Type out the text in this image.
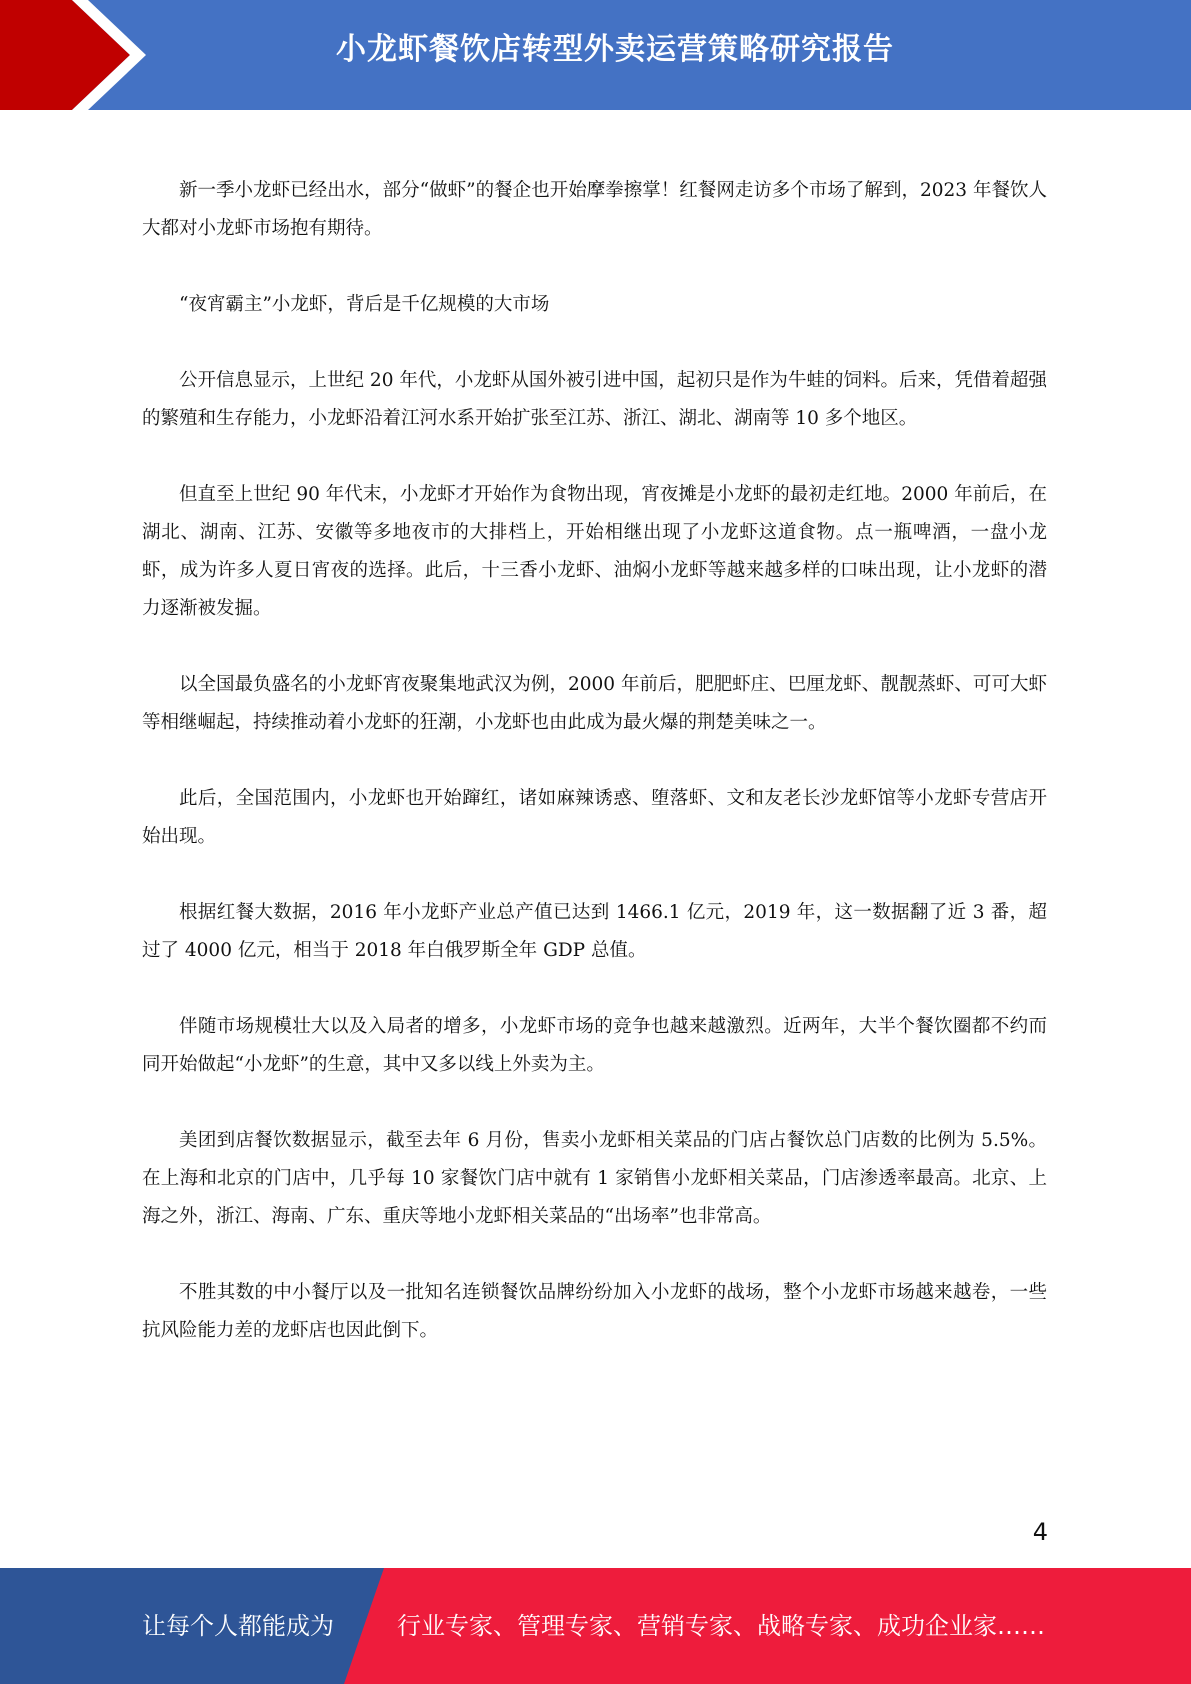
小龙虾餐饮店转型外卖运营策略研究报告

新一季小龙虾已经出水，部分“做虾”的餐企也开始摩拳擦掌！红餐网走访多个市场了解到，2023 年餐饮人大都对小龙虾市场抱有期待。

“夜宵霸主”小龙虾，背后是千亿规模的大市场

公开信息显示，上世纪 20 年代，小龙虾从国外被引进中国，起初只是作为牛蛙的饲料。后来，凭借着超强的繁殖和生存能力，小龙虾沿着江河水系开始扩张至江苏、浙江、湖北、湖南等 10 多个地区。

但直至上世纪 90 年代末，小龙虾才开始作为食物出现，宵夜摊是小龙虾的最初走红地。2000 年前后，在湖北、湖南、江苏、安徽等多地夜市的大排档上，开始相继出现了小龙虾这道食物。点一瓶啤酒，一盘小龙虾，成为许多人夏日宵夜的选择。此后，十三香小龙虾、油焖小龙虾等越来越多样的口味出现，让小龙虾的潜力逐渐被发掘。

以全国最负盛名的小龙虾宵夜聚集地武汉为例，2000 年前后，肥肥虾庄、巴厘龙虾、靓靓蒸虾、可可大虾等相继崛起，持续推动着小龙虾的狂潮，小龙虾也由此成为最火爆的荆楚美味之一。

此后，全国范围内，小龙虾也开始蹿红，诸如麻辣诱惑、堕落虾、文和友老长沙龙虾馆等小龙虾专营店开始出现。

根据红餐大数据，2016 年小龙虾产业总产值已达到 1466.1 亿元，2019 年，这一数据翻了近 3 番，超过了 4000 亿元，相当于 2018 年白俄罗斯全年 GDP 总值。

伴随市场规模壮大以及入局者的增多，小龙虾市场的竞争也越来越激烈。近两年，大半个餐饮圈都不约而同开始做起“小龙虾”的生意，其中又多以线上外卖为主。

美团到店餐饮数据显示，截至去年 6 月份，售卖小龙虾相关菜品的门店占餐饮总门店数的比例为 5.5%。在上海和北京的门店中，几乎每 10 家餐饮门店中就有 1 家销售小龙虾相关菜品，门店渗透率最高。北京、上海之外，浙江、海南、广东、重庆等地小龙虾相关菜品的“出场率”也非常高。

不胜其数的中小餐厅以及一批知名连锁餐饮品牌纷纷加入小龙虾的战场，整个小龙虾市场越来越卷，一些抗风险能力差的龙虾店也因此倒下。

4
让每个人都能成为	行业专家、管理专家、营销专家、战略专家、成功企业家……
